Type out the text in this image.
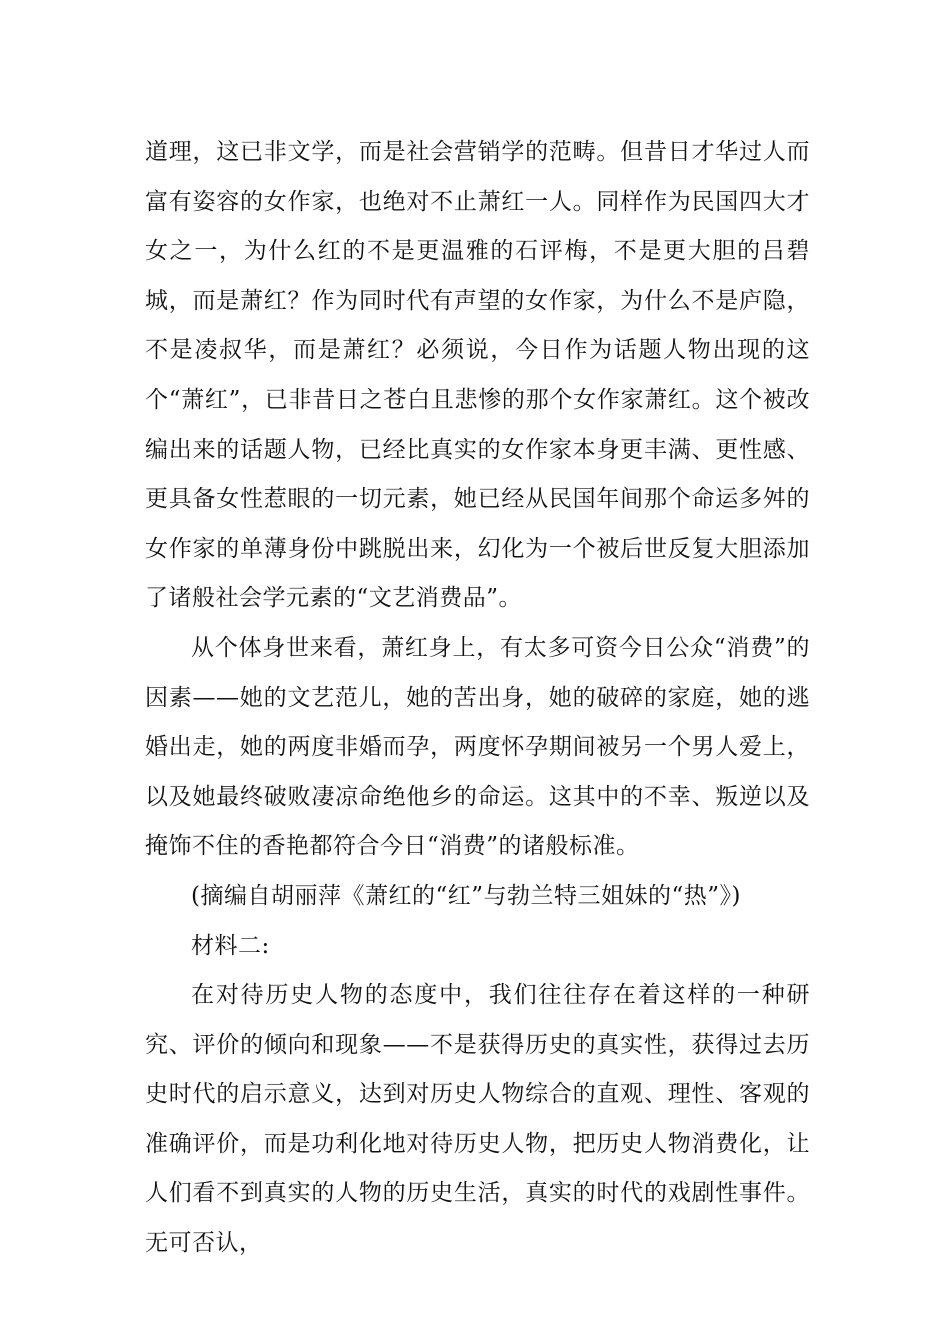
道理，这已非文学，而是社会营销学的范畴。但昔日才华过人而富有姿容的女作家，也绝对不止萧红一人。同样作为民国四大才女之一，为什么红的不是更温雅的石评梅，不是更大胆的吕碧城，而是萧红？作为同时代有声望的女作家，为什么不是庐隐，不是凌叔华，而是萧红？必须说，今日作为话题人物出现的这个“萧红”，已非昔日之苍白且悲惨的那个女作家萧红。这个被改编出来的话题人物，已经比真实的女作家本身更丰满、更性感、更具备女性惹眼的一切元素，她已经从民国年间那个命运多舛的女作家的单薄身份中跳脱出来，幻化为一个被后世反复大胆添加了诸般社会学元素的“文艺消费品”。

从个体身世来看，萧红身上，有太多可资今日公众“消费”的因素——她的文艺范儿，她的苦出身，她的破碎的家庭，她的逃婚出走，她的两度非婚而孕，两度怀孕期间被另一个男人爱上，以及她最终破败凄凉命绝他乡的命运。这其中的不幸、叛逆以及掩饰不住的香艳都符合今日“消费”的诸般标准。

(摘编自胡丽萍《萧红的“红”与勃兰特三姐妹的“热”》)

材料二:

在对待历史人物的态度中，我们往往存在着这样的一种研究、评价的倾向和现象——不是获得历史的真实性，获得过去历史时代的启示意义，达到对历史人物综合的直观、理性、客观的准确评价，而是功利化地对待历史人物，把历史人物消费化，让人们看不到真实的人物的历史生活，真实的时代的戏剧性事件。无可否认，
